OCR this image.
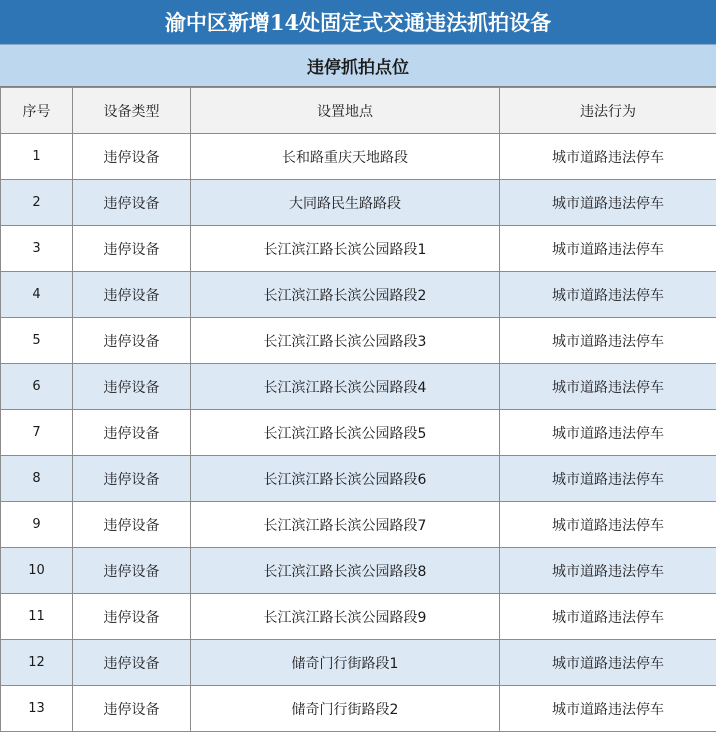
渝中区新增14处固定式交通违法抓拍设备
违停抓拍点位
序号	设备类型	设置地点	违法行为
1	违停设备	长和路重庆天地路段	城市道路违法停车
2	违停设备	大同路民生路路段	城市道路违法停车
3	违停设备	长江滨江路长滨公园路段1	城市道路违法停车
4	违停设备	长江滨江路长滨公园路段2	城市道路违法停车
5	违停设备	长江滨江路长滨公园路段3	城市道路违法停车
6	违停设备	长江滨江路长滨公园路段4	城市道路违法停车
7	违停设备	长江滨江路长滨公园路段5	城市道路违法停车
8	违停设备	长江滨江路长滨公园路段6	城市道路违法停车
9	违停设备	长江滨江路长滨公园路段7	城市道路违法停车
10	违停设备	长江滨江路长滨公园路段8	城市道路违法停车
11	违停设备	长江滨江路长滨公园路段9	城市道路违法停车
12	违停设备	储奇门行街路段1	城市道路违法停车
13	违停设备	储奇门行街路段2	城市道路违法停车
